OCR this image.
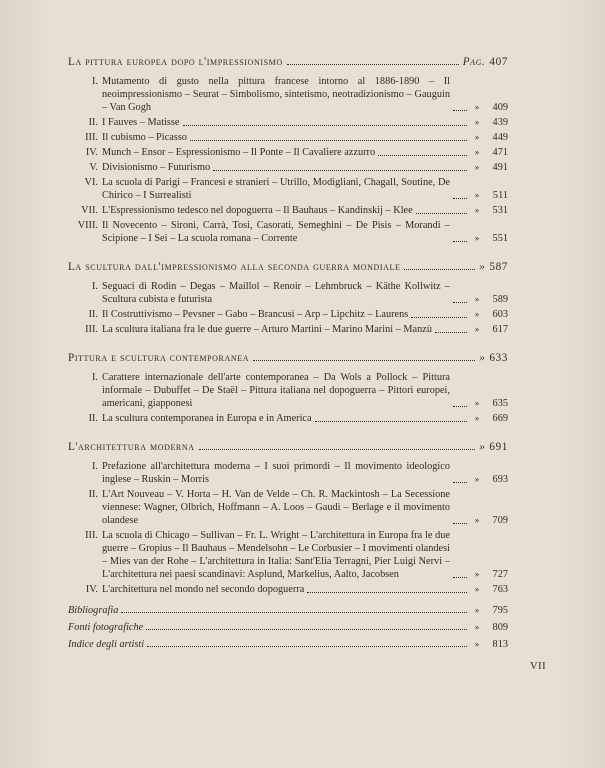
La pittura europea dopo l'impressionismo	Pag. 407
I. Mutamento di gusto nella pittura francese intorno al 1886-1890 – Il neoimpressionismo – Seurat – Simbolismo, sintetismo, neotradizionismo – Gauguin – Van Gogh	»	409
II. I Fauves – Matisse	»	439
III. Il cubismo – Picasso	»	449
IV. Munch – Ensor – Espressionismo – Il Ponte – Il Cavaliere azzurro	»	471
V. Divisionismo – Futurismo	»	491
VI. La scuola di Parigi – Francesi e stranieri – Utrillo, Modigliani, Chagall, Soutine, De Chirico – I Surrealisti	»	511
VII. L'Espressionismo tedesco nel dopoguerra – Il Bauhaus – Kandinskij – Klee	»	531
VIII. Il Novecento – Sironi, Carrà, Tosi, Casorati, Semeghini – De Pisis – Morandi – Scipione – I Sei – La scuola romana – Corrente	»	551
La scultura dall'impressionismo alla seconda guerra mondiale	» 587
I. Seguaci di Rodin – Degas – Maillol – Renoir – Lehmbruck – Käthe Kollwitz – Scultura cubista e futurista	»	589
II. Il Costruttivismo – Pevsner – Gabo – Brancusi – Arp – Lipchitz – Laurens	»	603
III. La scultura italiana fra le due guerre – Arturo Martini – Marino Marini – Manzù	»	617
Pittura e scultura contemporanea	» 633
I. Carattere internazionale dell'arte contemporanea – Da Wols a Pollock – Pittura informale – Dubuffet – De Staël – Pittura italiana nel dopoguerra – Pittori europei, americani, giapponesi	»	635
II. La scultura contemporanea in Europa e in America	»	669
L'architettura moderna	» 691
I. Prefazione all'architettura moderna – I suoi primordi – Il movimento ideologico inglese – Ruskin – Morris	»	693
II. L'Art Nouveau – V. Horta – H. Van de Velde – Ch. R. Mackintosh – La Secessione viennese: Wagner, Olbrich, Hoffmann – A. Loos – Gaudì – Berlage e il movimento olandese	»	709
III. La scuola di Chicago – Sullivan – Fr. L. Wright – L'architettura in Europa fra le due guerre – Gropius – Il Bauhaus – Mendelsohn – Le Corbusier – I movimenti olandesi – Mies van der Rohe – L'architettura in Italia: Sant'Elia Terragni, Pier Luigi Nervi – L'architettura nei paesi scandinavi: Asplund, Markelius, Aalto, Jacobsen	»	727
IV. L'architettura nel mondo nel secondo dopoguerra	»	763
Bibliografia	»	795
Fonti fotografiche	»	809
Indice degli artisti	»	813
VII
